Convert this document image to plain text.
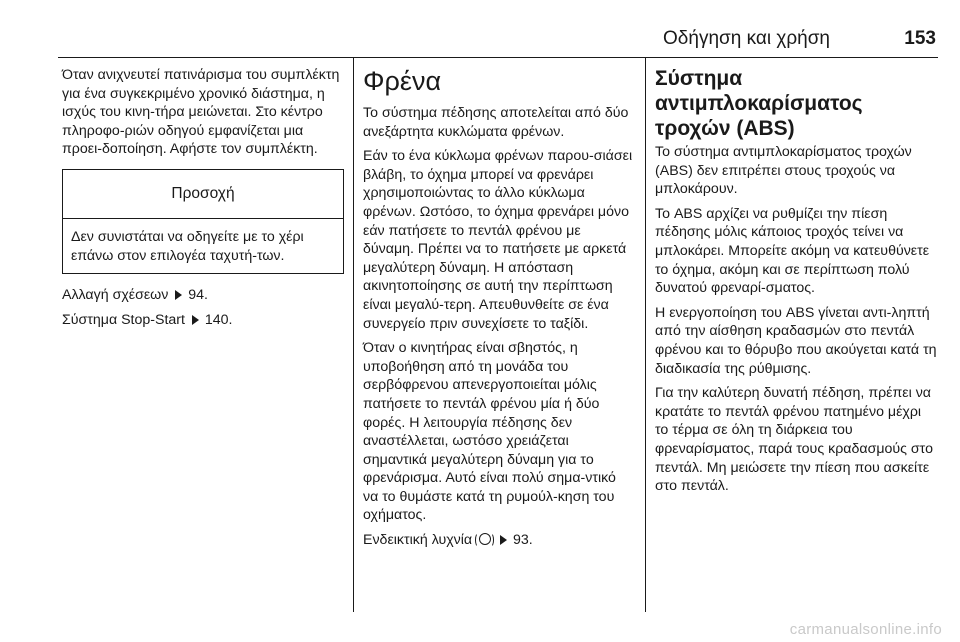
Οδήγηση και χρήση	153

Όταν ανιχνευτεί πατινάρισμα του συμπλέκτη για ένα συγκεκριμένο χρονικό διάστημα, η ισχύς του κινη-τήρα μειώνεται. Στο κέντρο πληροφο-ριών οδηγού εμφανίζεται μια προει-δοποίηση. Αφήστε τον συμπλέκτη.

Προσοχή
Δεν συνιστάται να οδηγείτε με το χέρι επάνω στον επιλογέα ταχυτή-των.
Αλλαγή σχέσεων 94.
Σύστημα Stop-Start 140.
Φρένα

Το σύστημα πέδησης αποτελείται από δύο ανεξάρτητα κυκλώματα φρένων.

Εάν το ένα κύκλωμα φρένων παρου-σιάσει βλάβη, το όχημα μπορεί να φρενάρει χρησιμοποιώντας το άλλο κύκλωμα φρένων. Ωστόσο, το όχημα φρενάρει μόνο εάν πατήσετε το πεντάλ φρένου με δύναμη. Πρέπει να το πατήσετε με αρκετά μεγαλύτερη δύναμη. Η απόσταση ακινητοποίησης σε αυτή την περίπτωση είναι μεγαλύ-τερη. Απευθυνθείτε σε ένα συνεργείο πριν συνεχίσετε το ταξίδι.

Όταν ο κινητήρας είναι σβηστός, η υποβοήθηση από τη μονάδα του σερβόφρενου απενεργοποιείται μόλις πατήσετε το πεντάλ φρένου μία ή δύο φορές. Η λειτουργία πέδησης δεν αναστέλλεται, ωστόσο χρειάζεται σημαντικά μεγαλύτερη δύναμη για το φρενάρισμα. Αυτό είναι πολύ σημα-ντικό να το θυμάστε κατά τη ρυμούλ-κηση του οχήματος.

Ενδεικτική λυχνία	93.
Σύστημα αντιμπλοκαρίσματος τροχών (ABS)

Το σύστημα αντιμπλοκαρίσματος τροχών (ABS) δεν επιτρέπει στους τροχούς να μπλοκάρουν.

Το ABS αρχίζει να ρυθμίζει την πίεση πέδησης μόλις κάποιος τροχός τείνει να μπλοκάρει. Μπορείτε ακόμη να κατευθύνετε το όχημα, ακόμη και σε περίπτωση πολύ δυνατού φρεναρί-σματος.

Η ενεργοποίηση του ABS γίνεται αντι-ληπτή από την αίσθηση κραδασμών στο πεντάλ φρένου και το θόρυβο που ακούγεται κατά τη διαδικασία της ρύθμισης.

Για την καλύτερη δυνατή πέδηση, πρέπει να κρατάτε το πεντάλ φρένου πατημένο μέχρι το τέρμα σε όλη τη διάρκεια του φρεναρίσματος, παρά τους κραδασμούς στο πεντάλ. Μη μειώσετε την πίεση που ασκείτε στο πεντάλ.

carmanualsonline.info
